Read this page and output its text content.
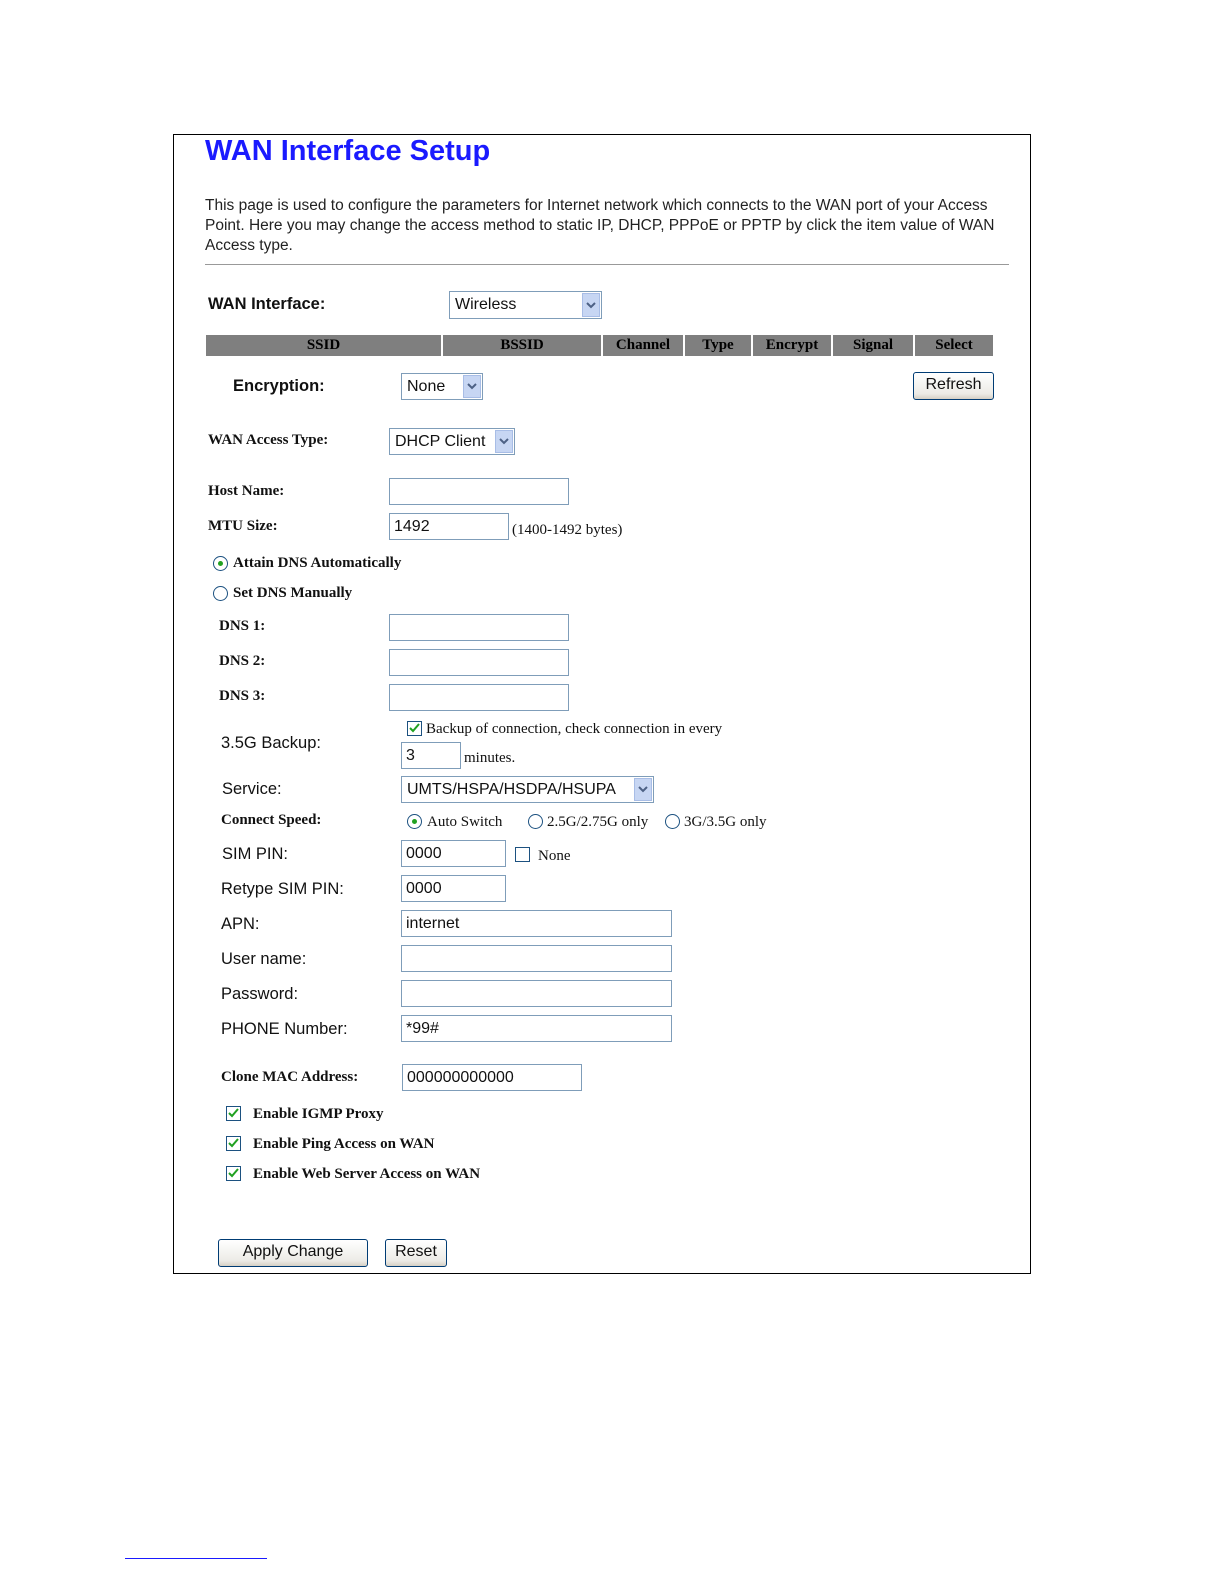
WAN Interface Setup
This page is used to configure the parameters for Internet network which connects to the WAN port of your Access Point. Here you may change the access method to static IP, DHCP, PPPoE or PPTP by click the item value of WAN Access type.
WAN Interface:	Wireless
SSID	BSSID	Channel	Type	Encrypt	Signal	Select
Encryption:	None	Refresh
WAN Access Type:	DHCP Client
Host Name:
MTU Size:	1492	(1400-1492 bytes)
Attain DNS Automatically
Set DNS Manually
DNS 1:
DNS 2:
DNS 3:
3.5G Backup:
Backup of connection, check connection in every
3	minutes.
Service:	UMTS/HSPA/HSDPA/HSUPA
Connect Speed:	Auto Switch	2.5G/2.75G only 3G/3.5G only
SIM PIN:	0000	None
Retype SIM PIN:	0000
APN:	internet
User name:
Password:
PHONE Number:	*99#
Clone MAC Address:	000000000000
Enable IGMP Proxy
Enable Ping Access on WAN
Enable Web Server Access on WAN
Apply Change	Reset
